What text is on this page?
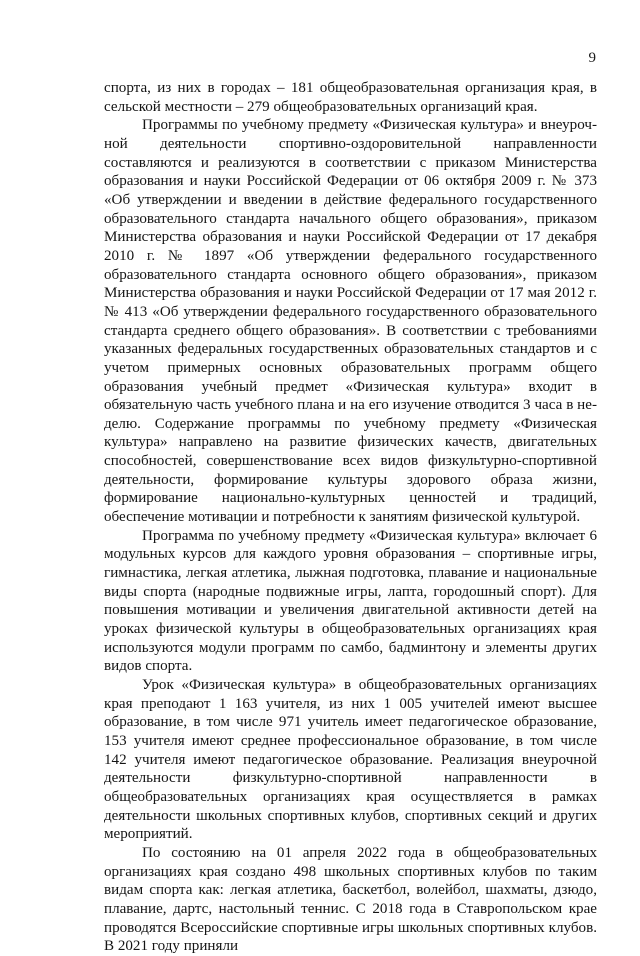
9

спорта, из них в городах – 181 общеобразовательная организация края, в сельской местности – 279 общеобразовательных организаций края.

Программы по учебному предмету «Физическая культура» и внеурочной деятельности спортивно-оздоровительной направленности составляются и реализуются в соответствии с приказом Министерства образования и науки Российской Федерации от 06 октября 2009 г. № 373 «Об утверждении и введении в действие федерального государственного образовательного стандарта начального общего образования», приказом Министерства образования и науки Российской Федерации от 17 декабря 2010 г. № 1897 «Об утверждении федерального государственного образовательного стандарта основного общего образования», приказом Министерства образования и науки Российской Федерации от 17 мая 2012 г. № 413 «Об утверждении федерального государственного образовательного стандарта среднего общего образования». В соответствии с требованиями указанных федеральных государственных образовательных стандартов и с учетом примерных основных образовательных программ общего образования учебный предмет «Физическая культура» входит в обязательную часть учебного плана и на его изучение отводится 3 часа в неделю. Содержание программы по учебному предмету «Физическая культура» направлено на развитие физических качеств, двигательных способностей, совершенствование всех видов физкультурно-спортивной деятельности, формирование культуры здорового образа жизни, формирование национально-культурных ценностей и традиций, обеспечение мотивации и потребности к занятиям физической культурой.

Программа по учебному предмету «Физическая культура» включает 6 модульных курсов для каждого уровня образования – спортивные игры, гимнастика, легкая атлетика, лыжная подготовка, плавание и национальные виды спорта (народные подвижные игры, лапта, городошный спорт). Для повышения мотивации и увеличения двигательной активности детей на уроках физической культуры в общеобразовательных организациях края используются модули программ по самбо, бадминтону и элементы других видов спорта.

Урок «Физическая культура» в общеобразовательных организациях края преподают 1 163 учителя, из них 1 005 учителей имеют высшее образование, в том числе 971 учитель имеет педагогическое образование, 153 учителя имеют среднее профессиональное образование, в том числе 142 учителя имеют педагогическое образование. Реализация внеурочной деятельности физкультурно-спортивной направленности в общеобразовательных организациях края осуществляется в рамках деятельности школьных спортивных клубов, спортивных секций и других мероприятий.

По состоянию на 01 апреля 2022 года в общеобразовательных организациях края создано 498 школьных спортивных клубов по таким видам спорта как: легкая атлетика, баскетбол, волейбол, шахматы, дзюдо, плавание, дартс, настольный теннис. С 2018 года в Ставропольском крае проводятся Всероссийские спортивные игры школьных спортивных клубов. В 2021 году приняли
